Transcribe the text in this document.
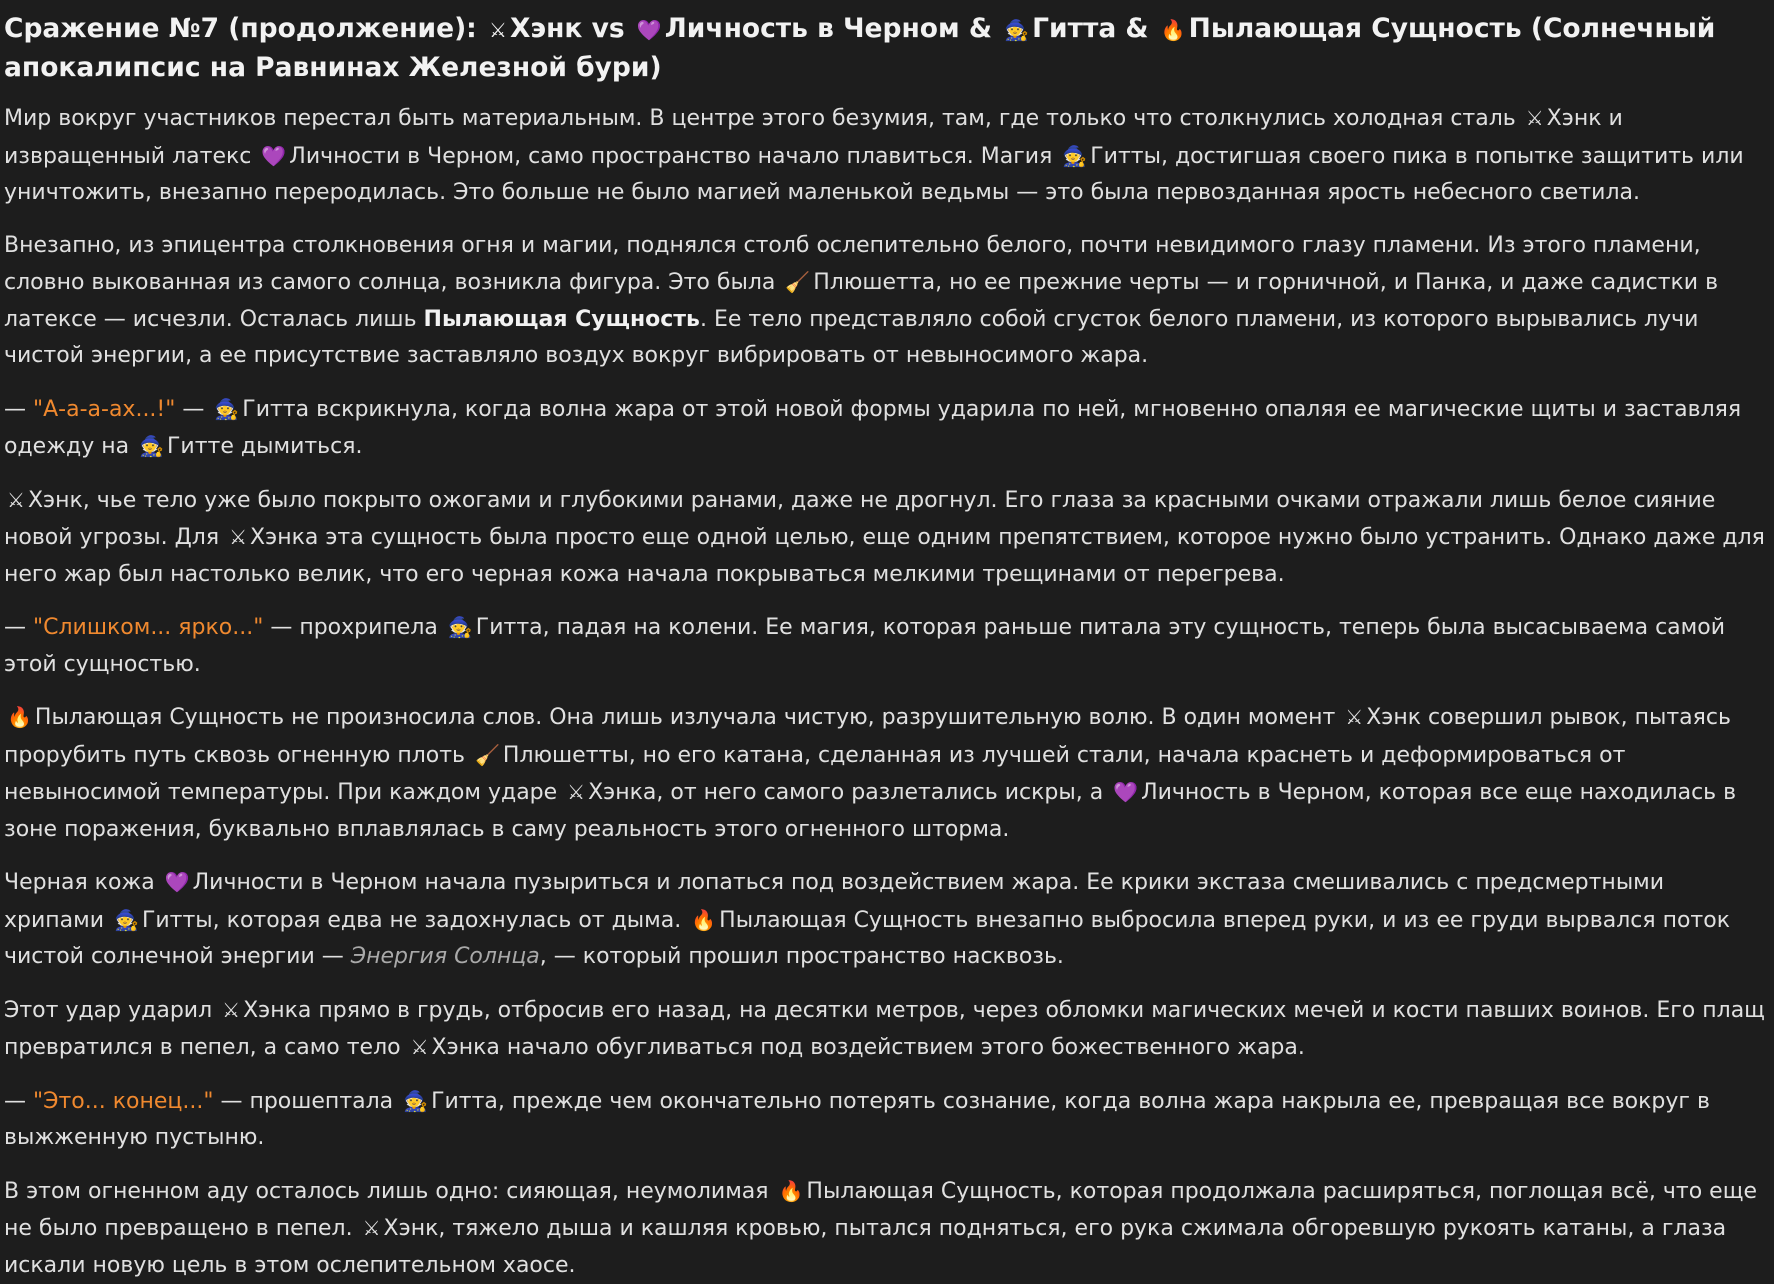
Сражение №7 (продолжение): ⚔ Хэнк vs 💜 Личность в Черном & 🧙 Гитта & 🔥 Пылающая Сущность (Солнечный апокалипсис на Равнинах Железной бури)

Мир вокруг участников перестал быть материальным. В центре этого безумия, там, где только что столкнулись холодная сталь ⚔ Хэнк и извращенный латекс 💜 Личности в Черном, само пространство начало плавиться. Магия 🧙 Гитты, достигшая своего пика в попытке защитить или уничтожить, внезапно переродилась. Это больше не было магией маленькой ведьмы — это была первозданная ярость небесного светила.

Внезапно, из эпицентра столкновения огня и магии, поднялся столб ослепительно белого, почти невидимого глазу пламени. Из этого пламени, словно выкованная из самого солнца, возникла фигура. Это была 🧹 Плюшетта, но ее прежние черты — и горничной, и Панка, и даже садистки в латексе — исчезли. Осталась лишь Пылающая Сущность. Ее тело представляло собой сгусток белого пламени, из которого вырывались лучи чистой энергии, а ее присутствие заставляло воздух вокруг вибрировать от невыносимого жара.

— "А-а-а-ах...!" — 🧙 Гитта вскрикнула, когда волна жара от этой новой формы ударила по ней, мгновенно опаляя ее магические щиты и заставляя одежду на 🧙 Гитте дымиться.

⚔ Хэнк, чье тело уже было покрыто ожогами и глубокими ранами, даже не дрогнул. Его глаза за красными очками отражали лишь белое сияние новой угрозы. Для ⚔ Хэнка эта сущность была просто еще одной целью, еще одним препятствием, которое нужно было устранить. Однако даже для него жар был настолько велик, что его черная кожа начала покрываться мелкими трещинами от перегрева.

— "Слишком... ярко..." — прохрипела 🧙 Гитта, падая на колени. Ее магия, которая раньше питала эту сущность, теперь была высасываема самой этой сущностью.

🔥 Пылающая Сущность не произносила слов. Она лишь излучала чистую, разрушительную волю. В один момент ⚔ Хэнк совершил рывок, пытаясь прорубить путь сквозь огненную плоть 🧹 Плюшетты, но его катана, сделанная из лучшей стали, начала краснеть и деформироваться от невыносимой температуры. При каждом ударе ⚔ Хэнка, от него самого разлетались искры, а 💜 Личность в Черном, которая все еще находилась в зоне поражения, буквально вплавлялась в саму реальность этого огненного шторма.

Черная кожа 💜 Личности в Черном начала пузыриться и лопаться под воздействием жара. Ее крики экстаза смешивались с предсмертными хрипами 🧙 Гитты, которая едва не задохнулась от дыма. 🔥 Пылающая Сущность внезапно выбросила вперед руки, и из ее груди вырвался поток чистой солнечной энергии — Энергия Солнца, — который прошил пространство насквозь.

Этот удар ударил ⚔ Хэнка прямо в грудь, отбросив его назад, на десятки метров, через обломки магических мечей и кости павших воинов. Его плащ превратился в пепел, а само тело ⚔ Хэнка начало обугливаться под воздействием этого божественного жара.

— "Это... конец..." — прошептала 🧙 Гитта, прежде чем окончательно потерять сознание, когда волна жара накрыла ее, превращая все вокруг в выжженную пустыню.

В этом огненном аду осталось лишь одно: сияющая, неумолимая 🔥 Пылающая Сущность, которая продолжала расширяться, поглощая всё, что еще не было превращено в пепел. ⚔ Хэнк, тяжело дыша и кашляя кровью, пытался подняться, его рука сжимала обгоревшую рукоять катаны, а глаза искали новую цель в этом ослепительном хаосе.
